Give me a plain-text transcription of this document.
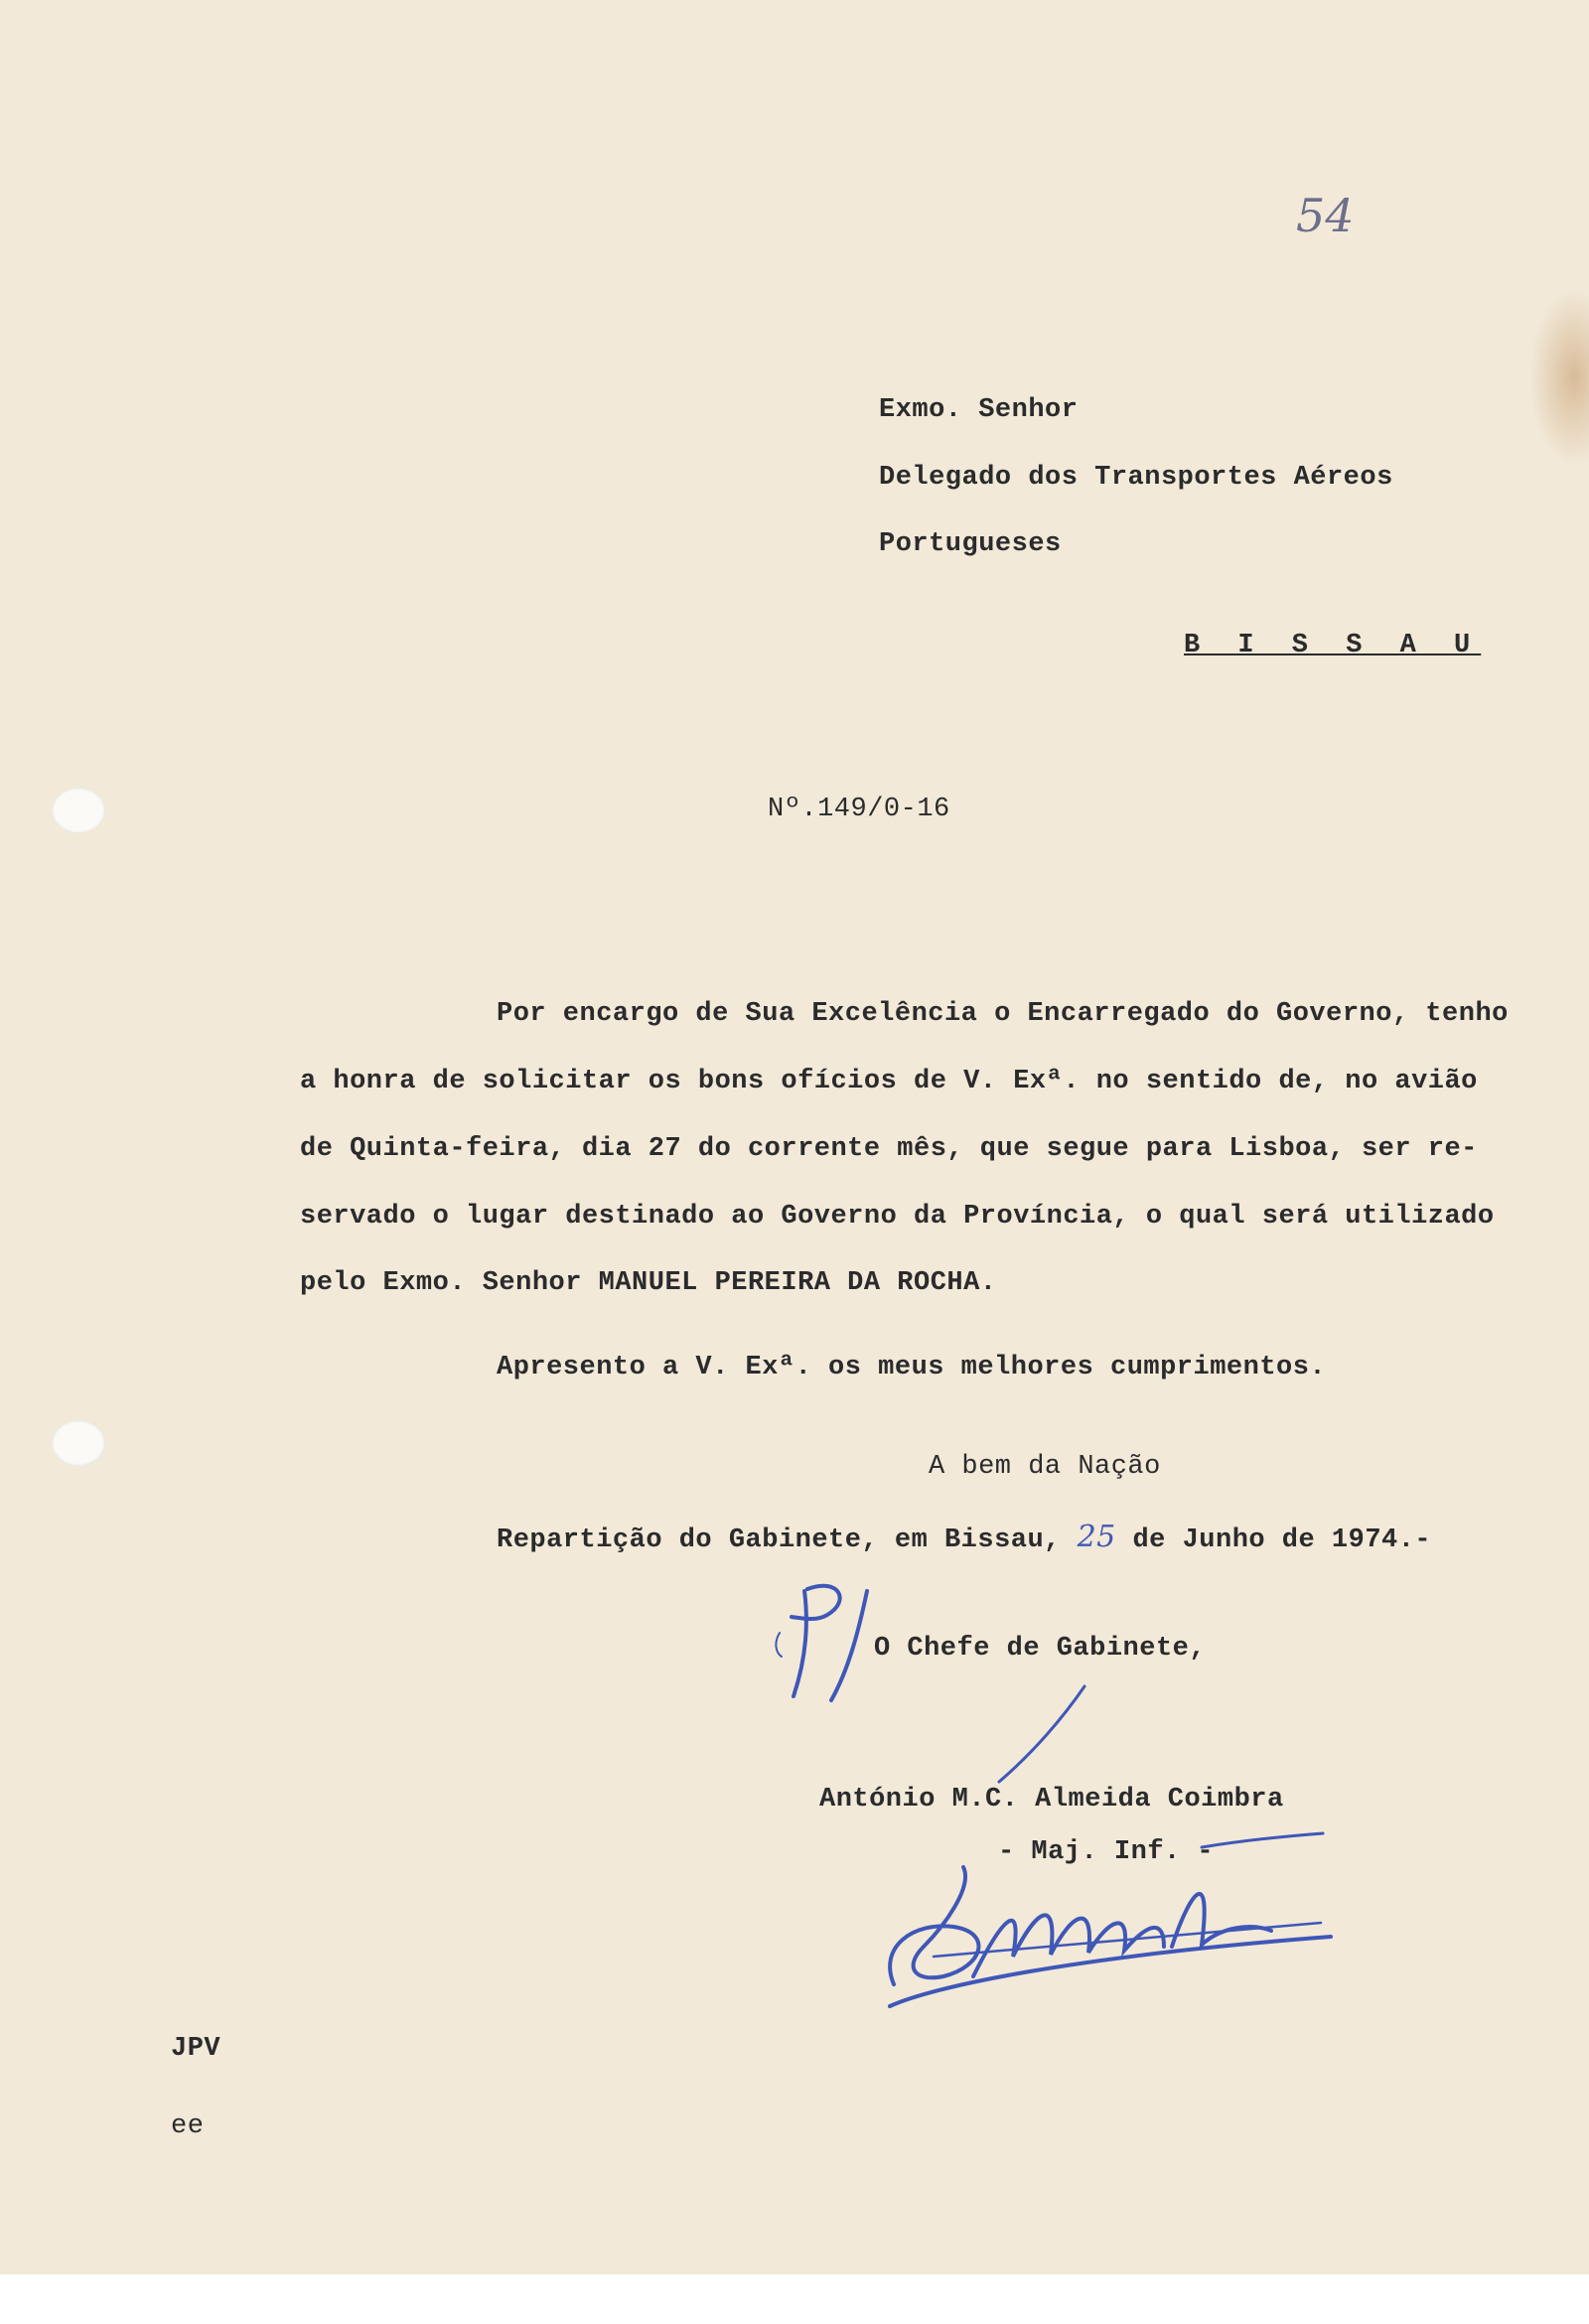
54
Exmo. Senhor
Delegado dos Transportes Aéreos
Portugueses
B I S S A U
Nº.149/0-16
Por encargo de Sua Excelência o Encarregado do Governo, tenho
a honra de solicitar os bons ofícios de V. Exª. no sentido de, no avião
de Quinta-feira, dia 27 do corrente mês, que segue para Lisboa, ser re-
servado o lugar destinado ao Governo da Província, o qual será utilizado
pelo Exmo. Senhor MANUEL PEREIRA DA ROCHA.
Apresento a V. Exª. os meus melhores cumprimentos.
A bem da Nação
Repartição do Gabinete, em Bissau, 25 de Junho de 1974.-
O Chefe de Gabinete,
António M.C. Almeida Coimbra
- Maj. Inf. -
JPV
ee
